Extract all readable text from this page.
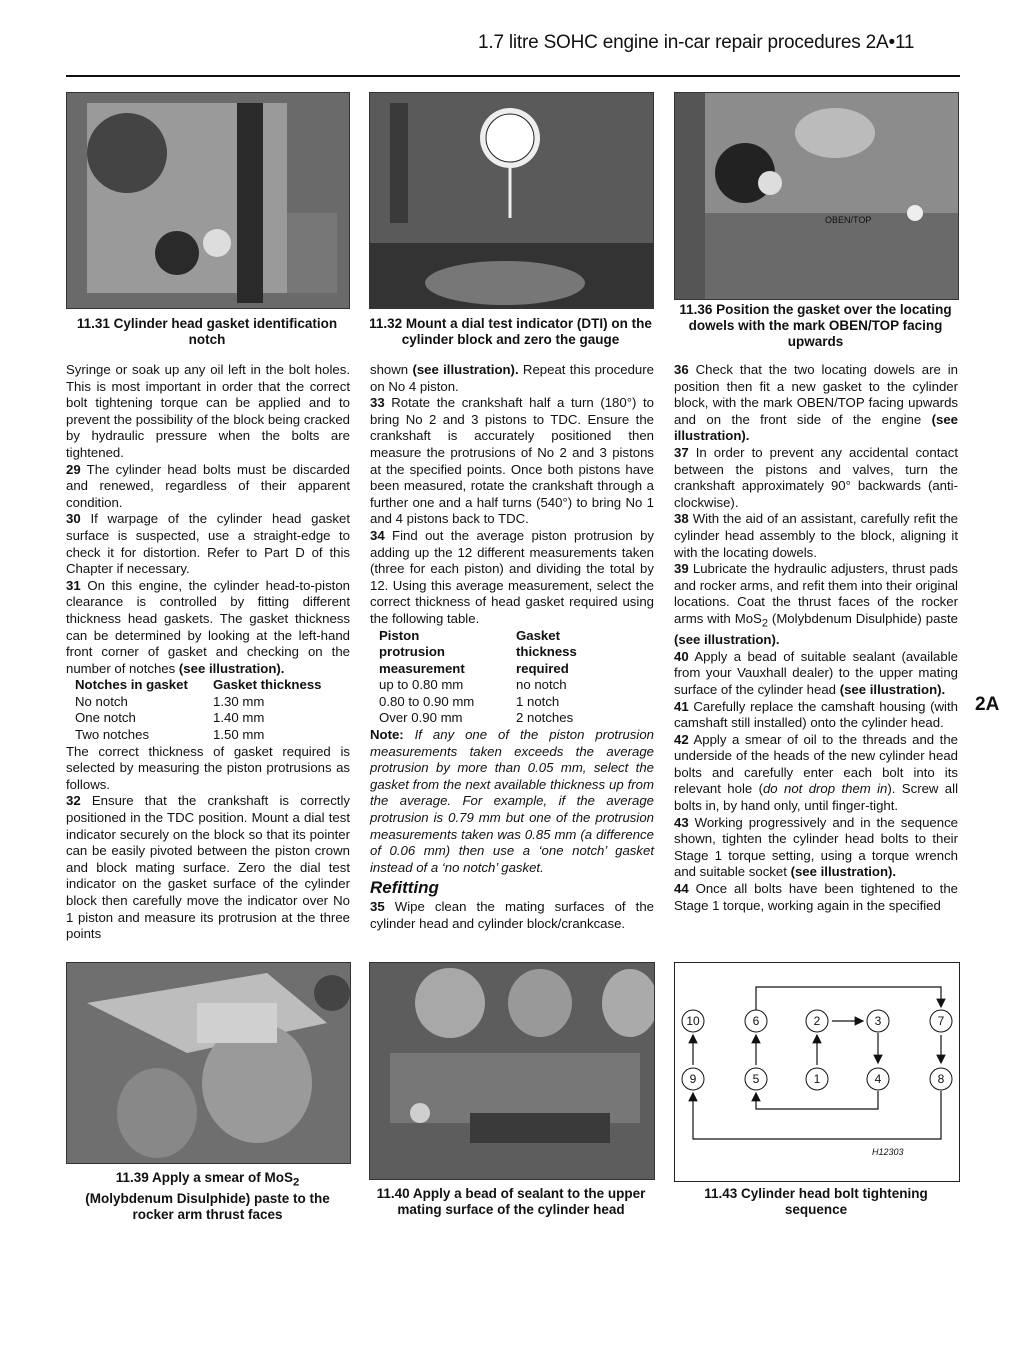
1.7 litre SOHC engine in-car repair procedures 2A•11
11.31 Cylinder head gasket identification notch
11.32 Mount a dial test indicator (DTI) on the cylinder block and zero the gauge
OBEN/TOP
11.36 Position the gasket over the locating dowels with the mark OBEN/TOP facing upwards

Syringe or soak up any oil left in the bolt holes. This is most important in order that the correct bolt tightening torque can be applied and to prevent the possibility of the block being cracked by hydraulic pressure when the bolts are tightened.

29 The cylinder head bolts must be discarded and renewed, regardless of their apparent condition.

30 If warpage of the cylinder head gasket surface is suspected, use a straight-edge to check it for distortion. Refer to Part D of this Chapter if necessary.

31 On this engine, the cylinder head-to-piston clearance is controlled by fitting different thickness head gaskets. The gasket thickness can be determined by looking at the left-hand front corner of gasket and checking on the number of notches (see illustration).

Notches in gasket	Gasket thickness
No notch	1.30 mm
One notch	1.40 mm
Two notches	1.50 mm

The correct thickness of gasket required is selected by measuring the piston protrusions as follows.

32 Ensure that the crankshaft is correctly positioned in the TDC position. Mount a dial test indicator securely on the block so that its pointer can be easily pivoted between the piston crown and block mating surface. Zero the dial test indicator on the gasket surface of the cylinder block then carefully move the indicator over No 1 piston and measure its protrusion at the three points

shown (see illustration). Repeat this procedure on No 4 piston.

33 Rotate the crankshaft half a turn (180°) to bring No 2 and 3 pistons to TDC. Ensure the crankshaft is accurately positioned then measure the protrusions of No 2 and 3 pistons at the specified points. Once both pistons have been measured, rotate the crankshaft through a further one and a half turns (540°) to bring No 1 and 4 pistons back to TDC.

34 Find out the average piston protrusion by adding up the 12 different measurements taken (three for each piston) and dividing the total by 12. Using this average measurement, select the correct thickness of head gasket required using the following table.

Piston	Gasket
protrusion	thickness
measurement	required
up to 0.80 mm	no notch
0.80 to 0.90 mm	1 notch
Over 0.90 mm	2 notches

Note: If any one of the piston protrusion measurements taken exceeds the average protrusion by more than 0.05 mm, select the gasket from the next available thickness up from the average. For example, if the average protrusion is 0.79 mm but one of the protrusion measurements taken was 0.85 mm (a difference of 0.06 mm) then use a ‘one notch’ gasket instead of a ‘no notch’ gasket.

Refitting

35 Wipe clean the mating surfaces of the cylinder head and cylinder block/crankcase.

36 Check that the two locating dowels are in position then fit a new gasket to the cylinder block, with the mark OBEN/TOP facing upwards and on the front side of the engine (see illustration).

37 In order to prevent any accidental contact between the pistons and valves, turn the crankshaft approximately 90° backwards (anti-clockwise).

38 With the aid of an assistant, carefully refit the cylinder head assembly to the block, aligning it with the locating dowels.

39 Lubricate the hydraulic adjusters, thrust pads and rocker arms, and refit them into their original locations. Coat the thrust faces of the rocker arms with MoS$_2$ (Molybdenum Disulphide) paste (see illustration).

40 Apply a bead of suitable sealant (available from your Vauxhall dealer) to the upper mating surface of the cylinder head (see illustration).

41 Carefully replace the camshaft housing (with camshaft still installed) onto the cylinder head.

42 Apply a smear of oil to the threads and the underside of the heads of the new cylinder head bolts and carefully enter each bolt into its relevant hole (do not drop them in). Screw all bolts in, by hand only, until finger-tight.

43 Working progressively and in the sequence shown, tighten the cylinder head bolts to their Stage 1 torque setting, using a torque wrench and suitable socket (see illustration).

44 Once all bolts have been tightened to the Stage 1 torque, working again in the specified

2A
11.39 Apply a smear of MoS$_2$
(Molybdenum Disulphide) paste to the rocker arm thrust faces
11.40 Apply a bead of sealant to the upper mating surface of the cylinder head
10	6	2	3	7
9	5	1	4	8
H12303
11.43 Cylinder head bolt tightening sequence
